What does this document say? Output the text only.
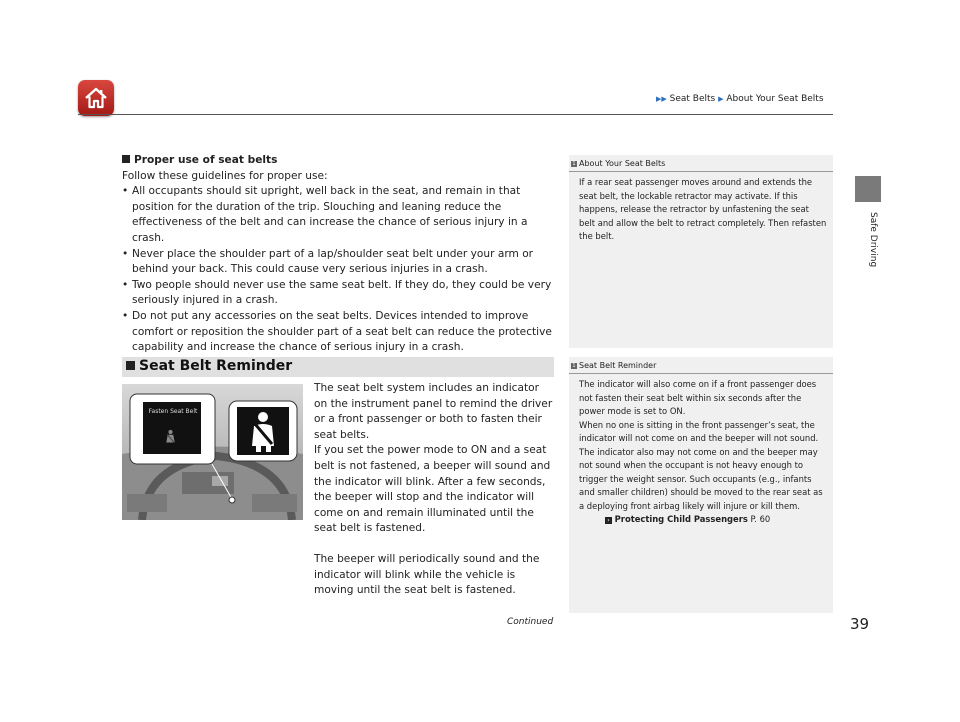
▶▶ Seat Belts ▶ About Your Seat Belts
Safe Driving
Proper use of seat belts
Follow these guidelines for proper use:
• All occupants should sit upright, well back in the seat, and remain in that position for the duration of the trip. Slouching and leaning reduce the effectiveness of the belt and can increase the chance of serious injury in a crash.
• Never place the shoulder part of a lap/shoulder seat belt under your arm or behind your back. This could cause very serious injuries in a crash.
• Two people should never use the same seat belt. If they do, they could be very seriously injured in a crash.
• Do not put any accessories on the seat belts. Devices intended to improve comfort or reposition the shoulder part of a seat belt can reduce the protective capability and increase the chance of serious injury in a crash.
1 About Your Seat Belts
If a rear seat passenger moves around and extends the seat belt, the lockable retractor may activate. If this happens, release the retractor by unfastening the seat belt and allow the belt to retract completely. Then refasten the belt.
Seat Belt Reminder
Fasten Seat Belt
The seat belt system includes an indicator on the instrument panel to remind the driver or a front passenger or both to fasten their seat belts.
If you set the power mode to ON and a seat belt is not fastened, a beeper will sound and the indicator will blink. After a few seconds, the beeper will stop and the indicator will come on and remain illuminated until the seat belt is fastened.
The beeper will periodically sound and the indicator will blink while the vehicle is moving until the seat belt is fastened.
1 Seat Belt Reminder
The indicator will also come on if a front passenger does not fasten their seat belt within six seconds after the power mode is set to ON.
When no one is sitting in the front passenger’s seat, the indicator will not come on and the beeper will not sound.
The indicator also may not come on and the beeper may not sound when the occupant is not heavy enough to trigger the weight sensor. Such occupants (e.g., infants and smaller children) should be moved to the rear seat as a deploying front airbag likely will injure or kill them.
› Protecting Child Passengers P. 60
Continued	39
